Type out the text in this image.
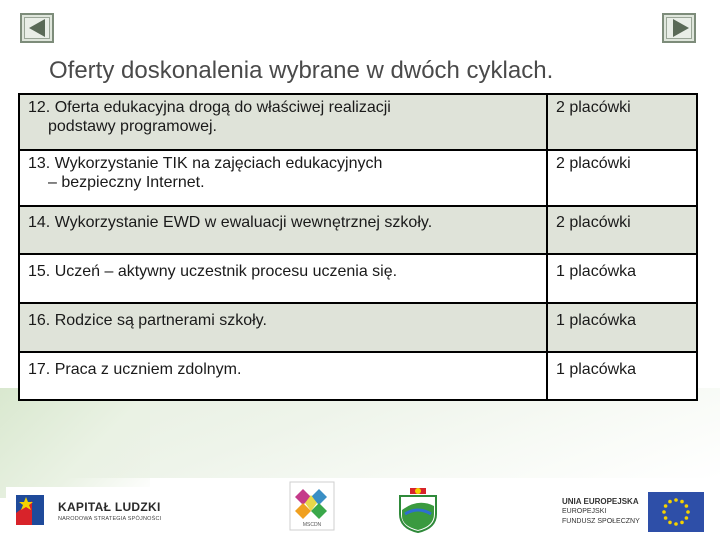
Oferty doskonalenia wybrane w dwóch cyklach.
12. Oferta edukacyjna drogą do właściwej realizacji
podstawy programowej.	2 placówki
13. Wykorzystanie TIK na zajęciach edukacyjnych
– bezpieczny Internet.	2 placówki
14. Wykorzystanie EWD w ewaluacji wewnętrznej szkoły.	2 placówki
15. Uczeń – aktywny uczestnik procesu uczenia się.	1 placówka
16. Rodzice są partnerami szkoły.	1 placówka
17. Praca z uczniem zdolnym.	1 placówka
KAPITAŁ LUDZKI
NARODOWA STRATEGIA SPÓJNOŚCI
MSCDN
UNIA EUROPEJSKA
EUROPEJSKI
FUNDUSZ SPOŁECZNY
